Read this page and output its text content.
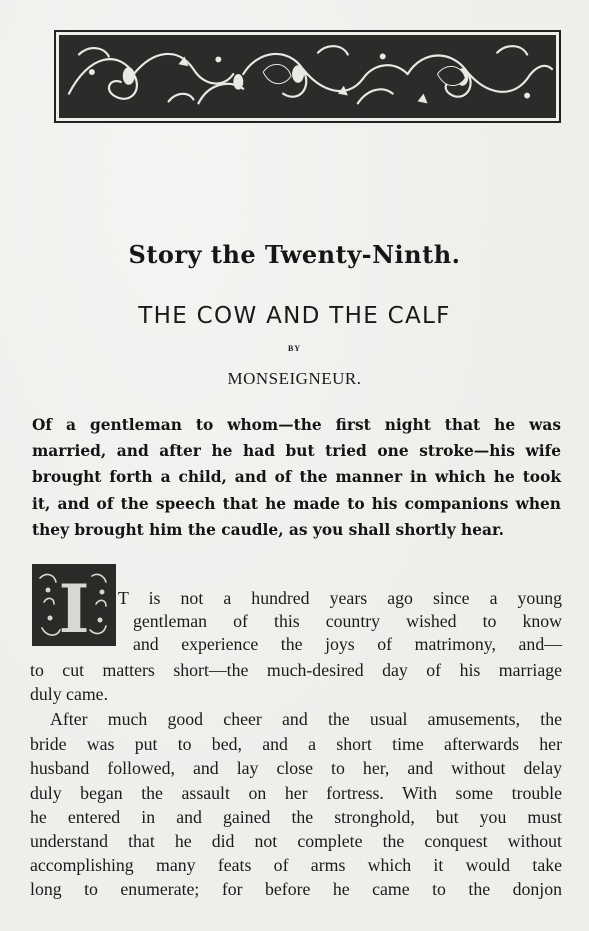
Story the Twenty-Ninth.
THE COW AND THE CALF
BY
MONSEIGNEUR.
Of a gentleman to whom—the first night that he was
married, and after he had but tried one stroke—his wife
brought forth a child, and of the manner in which he took
it, and of the speech that he made to his companions when
they brought him the caudle, as you shall shortly hear.
I T is not a hundred years ago since a young
gentleman of this country wished to know
and experience the joys of matrimony, and—
to cut matters short—the much-desired day of his marriage
duly came.
After much good cheer and the usual amusements, the
bride was put to bed, and a short time afterwards her
husband followed, and lay close to her, and without delay
duly began the assault on her fortress. With some trouble
he entered in and gained the stronghold, but you must
understand that he did not complete the conquest without
accomplishing many feats of arms which it would take
long to enumerate; for before he came to the donjon
